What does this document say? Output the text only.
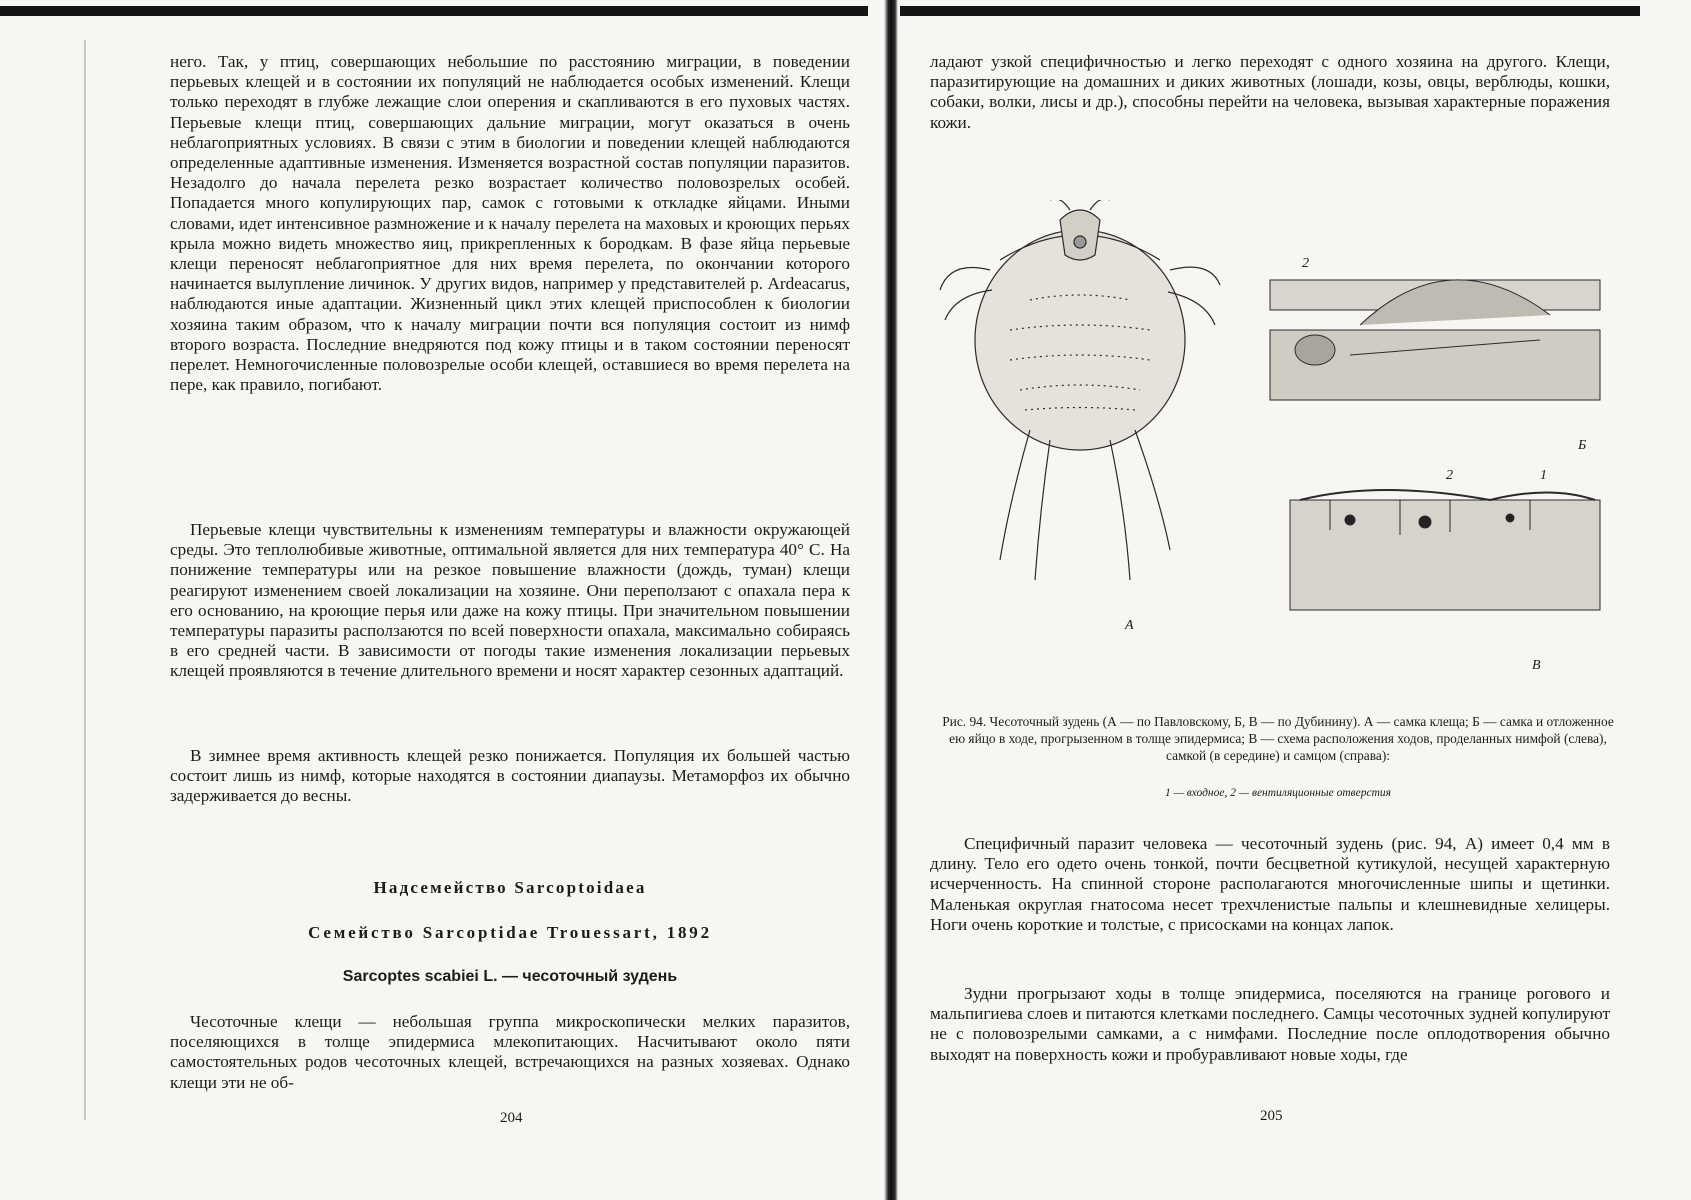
него. Так, у птиц, совершающих небольшие по расстоянию миграции, в поведении перьевых клещей и в состоянии их популяций не наблюдается особых изменений. Клещи только переходят в глубже лежащие слои оперения и скапливаются в его пуховых частях. Перьевые клещи птиц, совершающих дальние миграции, могут оказаться в очень неблагоприятных условиях. В связи с этим в биологии и поведении клещей наблюдаются определенные адаптивные изменения. Изменяется возрастной состав популяции паразитов. Незадолго до начала перелета резко возрастает количество половозрелых особей. Попадается много копулирующих пар, самок с готовыми к откладке яйцами. Иными словами, идет интенсивное размножение и к началу перелета на маховых и кроющих перьях крыла можно видеть множество яиц, прикрепленных к бородкам. В фазе яйца перьевые клещи переносят неблагоприятное для них время перелета, по окончании которого начинается вылупление личинок. У других видов, например у представителей р. Ardeacarus, наблюдаются иные адаптации. Жизненный цикл этих клещей приспособлен к биологии хозяина таким образом, что к началу миграции почти вся популяция состоит из нимф второго возраста. Последние внедряются под кожу птицы и в таком состоянии переносят перелет. Немногочисленные половозрелые особи клещей, оставшиеся во время перелета на пере, как правило, погибают.
Перьевые клещи чувствительны к изменениям температуры и влажности окружающей среды. Это теплолюбивые животные, оптимальной является для них температура 40° С. На понижение температуры или на резкое повышение влажности (дождь, туман) клещи реагируют изменением своей локализации на хозяине. Они переползают с опахала пера к его основанию, на кроющие перья или даже на кожу птицы. При значительном повышении температуры паразиты расползаются по всей поверхности опахала, максимально собираясь в его средней части. В зависимости от погоды такие изменения локализации перьевых клещей проявляются в течение длительного времени и носят характер сезонных адаптаций.
В зимнее время активность клещей резко понижается. Популяция их большей частью состоит лишь из нимф, которые находятся в состоянии диапаузы. Метаморфоз их обычно задерживается до весны.
Надсемейство Sarcoptoidaea
Семейство Sarcoptidae Trouessart, 1892
Sarcoptes scabiei L. — чесоточный зудень
Чесоточные клещи — небольшая группа микроскопически мелких паразитов, поселяющихся в толще эпидермиса млекопитающих. Насчитывают около пяти самостоятельных родов чесоточных клещей, встречающихся на разных хозяевах. Однако клещи эти не об-
204
ладают узкой специфичностью и легко переходят с одного хозяина на другого. Клещи, паразитирующие на домашних и диких животных (лошади, козы, овцы, верблюды, кошки, собаки, волки, лисы и др.), способны перейти на человека, вызывая характерные поражения кожи.
А
Б
В
2
2	1
Рис. 94. Чесоточный зудень (А — по Павловскому, Б, В — по Дубинину). А — самка клеща; Б — самка и отложенное ею яйцо в ходе, прогрызенном в толще эпидермиса; В — схема расположения ходов, проделанных нимфой (слева), самкой (в середине) и самцом (справа):
1 — входное, 2 — вентиляционные отверстия
Специфичный паразит человека — чесоточный зудень (рис. 94, А) имеет 0,4 мм в длину. Тело его одето очень тонкой, почти бесцветной кутикулой, несущей характерную исчерченность. На спинной стороне располагаются многочисленные шипы и щетинки. Маленькая округлая гнатосома несет трехчленистые пальпы и клешневидные хелицеры. Ноги очень короткие и толстые, с присосками на концах лапок.
Зудни прогрызают ходы в толще эпидермиса, поселяются на границе рогового и мальпигиева слоев и питаются клетками последнего. Самцы чесоточных зудней копулируют не с половозрелыми самками, а с нимфами. Последние после оплодотворения обычно выходят на поверхность кожи и пробуравливают новые ходы, где
205
